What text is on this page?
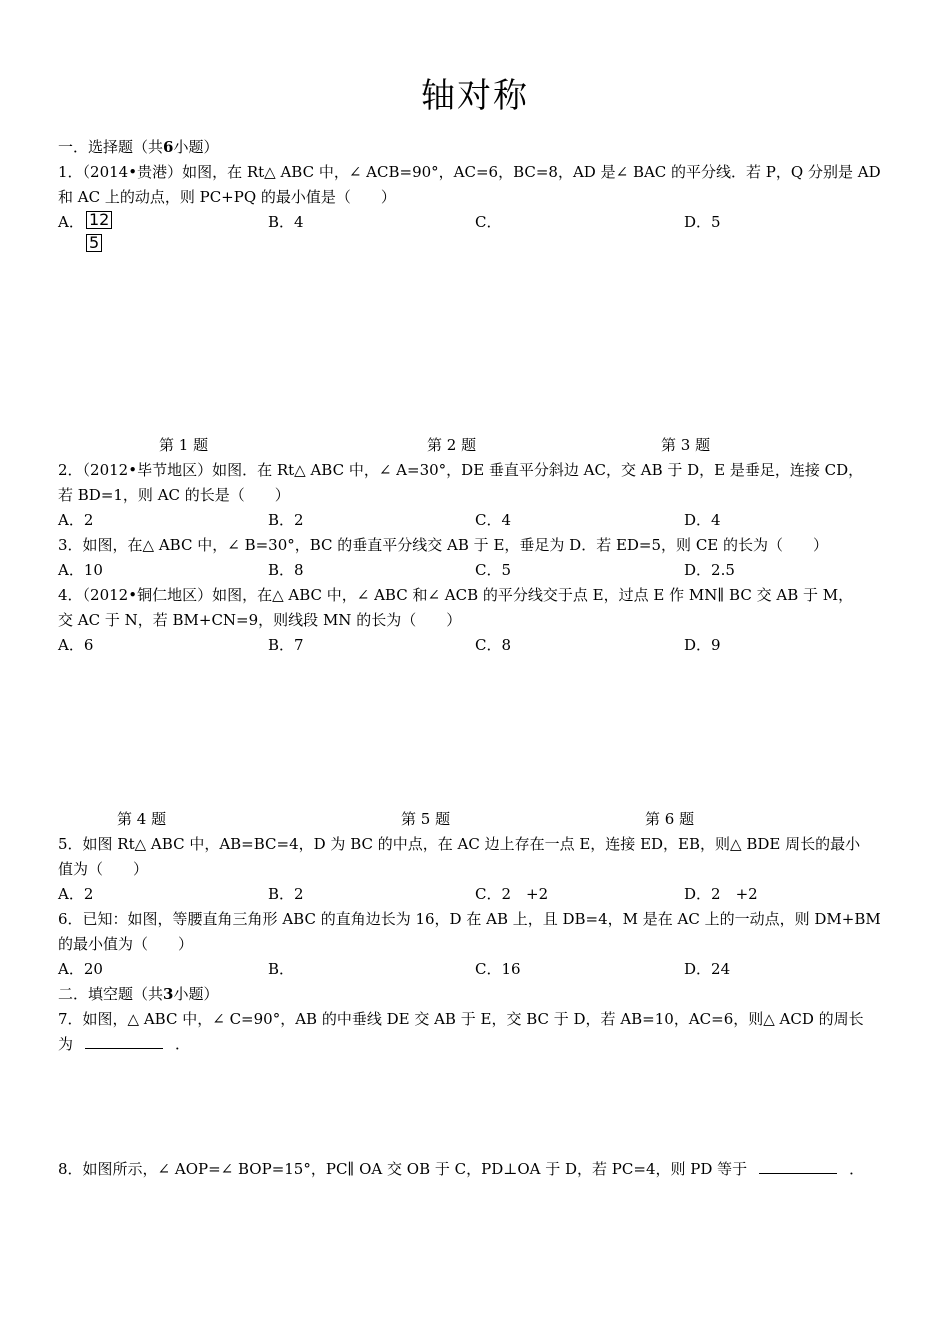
轴对称
一．选择题（共6小题）
1．（2014•贵港）如图，在 Rt△ ABC 中，∠ ACB=90°，AC=6，BC=8，AD 是∠ BAC 的平分线．若 P，Q 分别是 AD
和 AC 上的动点，则 PC+PQ 的最小值是（　　）
A． 12
5
B．4	C．	D．5
第 1 题	第 2 题	第 3 题
2．（2012•毕节地区）如图．在 Rt△ ABC 中，∠ A=30°，DE 垂直平分斜边 AC，交 AB 于 D，E 是垂足，连接 CD，
若 BD=1，则 AC 的长是（　　）
A．2	B．2	C．4	D．4
3．如图，在△ ABC 中，∠ B=30°，BC 的垂直平分线交 AB 于 E，垂足为 D．若 ED=5，则 CE 的长为（　　）
A．10	B．8	C．5	D．2.5
4．（2012•铜仁地区）如图，在△ ABC 中，∠ ABC 和∠ ACB 的平分线交于点 E，过点 E 作 MN∥ BC 交 AB 于 M，
交 AC 于 N，若 BM+CN=9，则线段 MN 的长为（　　）
A．6	B．7	C．8	D．9
第 4 题	第 5 题	第 6 题
5．如图 Rt△ ABC 中，AB=BC=4，D 为 BC 的中点，在 AC 边上存在一点 E，连接 ED，EB，则△ BDE 周长的最小
值为（　　）
A．2	B．2	C．2　+2	D．2　+2
6．已知：如图，等腰直角三角形 ABC 的直角边长为 16，D 在 AB 上，且 DB=4，M 是在 AC 上的一动点，则 DM+BM
的最小值为（　　）
A．20	B．	C．16	D．24
二．填空题（共3小题）
7．如图，△ ABC 中，∠ C=90°，AB 的中垂线 DE 交 AB 于 E，交 BC 于 D，若 AB=10，AC=6，则△ ACD 的周长
为	．
8．如图所示，∠ AOP=∠ BOP=15°，PC∥ OA 交 OB 于 C，PD⊥OA 于 D，若 PC=4，则 PD 等于	．
